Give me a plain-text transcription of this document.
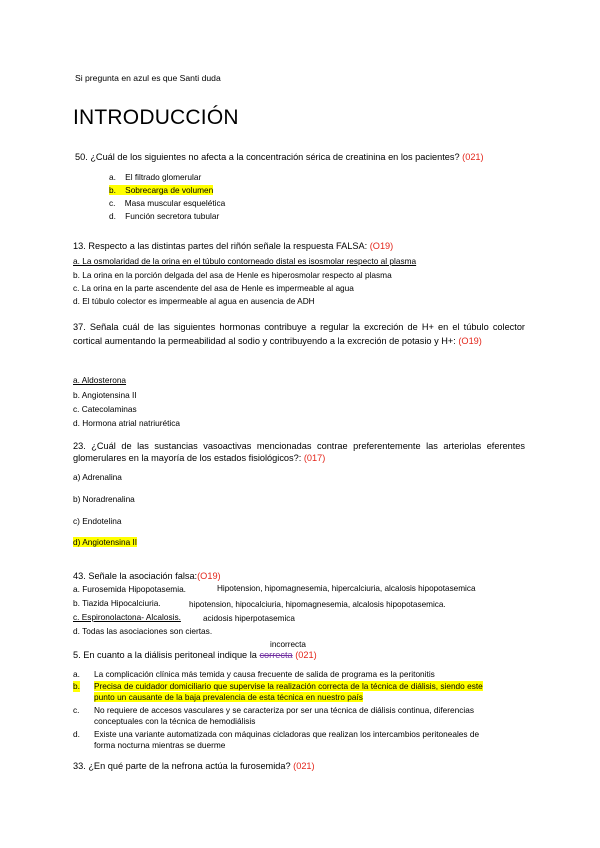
Si pregunta en azul es que Santi duda
INTRODUCCIÓN
50. ¿Cuál de los siguientes no afecta a la concentración sérica de creatinina en los pacientes? (021)
a. El filtrado glomerular
b. Sobrecarga de volumen
c. Masa muscular esquelética
d. Función secretora tubular
13. Respecto a las distintas partes del riñón señale la respuesta FALSA: (O19)
a. La osmolaridad de la orina en el túbulo contorneado distal es isosmolar respecto al plasma
b. La orina en la porción delgada del asa de Henle es hiperosmolar respecto al plasma
c. La orina en la parte ascendente del asa de Henle es impermeable al agua
d. El túbulo colector es impermeable al agua en ausencia de ADH
37. Señala cuál de las siguientes hormonas contribuye a regular la excreción de H+ en el túbulo colector cortical aumentando la permeabilidad al sodio y contribuyendo a la excreción de potasio y H+: (O19)
a. Aldosterona
b. Angiotensina II
c. Catecolaminas
d. Hormona atrial natriurética
23. ¿Cuál de las sustancias vasoactivas mencionadas contrae preferentemente las arteriolas eferentes glomerulares en la mayoría de los estados fisiológicos?: (017)
a) Adrenalina
b) Noradrenalina
c) Endotelina
d) Angiotensina II
43. Señale la asociación falsa:(O19)
a. Furosemida Hipopotasemia.	Hipotension, hipomagnesemia, hipercalciuria, alcalosis hipopotasemica
b. Tiazida Hipocalciuria.	hipotension, hipocalciuria, hipomagnesemia, alcalosis hipopotasemica.
c. Espironolactona- Alcalosis.	acidosis hiperpotasemica
d. Todas las asociaciones son ciertas.
incorrecta
5. En cuanto a la diálisis peritoneal indique la correcta (021)
a. La complicación clínica más temida y causa frecuente de salida de programa es la peritonitis
b. Precisa de cuidador domiciliario que supervise la realización correcta de la técnica de diálisis, siendo este punto un causante de la baja prevalencia de esta técnica en nuestro país
c. No requiere de accesos vasculares y se caracteriza por ser una técnica de diálisis continua, diferencias conceptuales con la técnica de hemodiálisis
d. Existe una variante automatizada con máquinas cicladoras que realizan los intercambios peritoneales de forma nocturna mientras se duerme
33. ¿En qué parte de la nefrona actúa la furosemida? (021)
